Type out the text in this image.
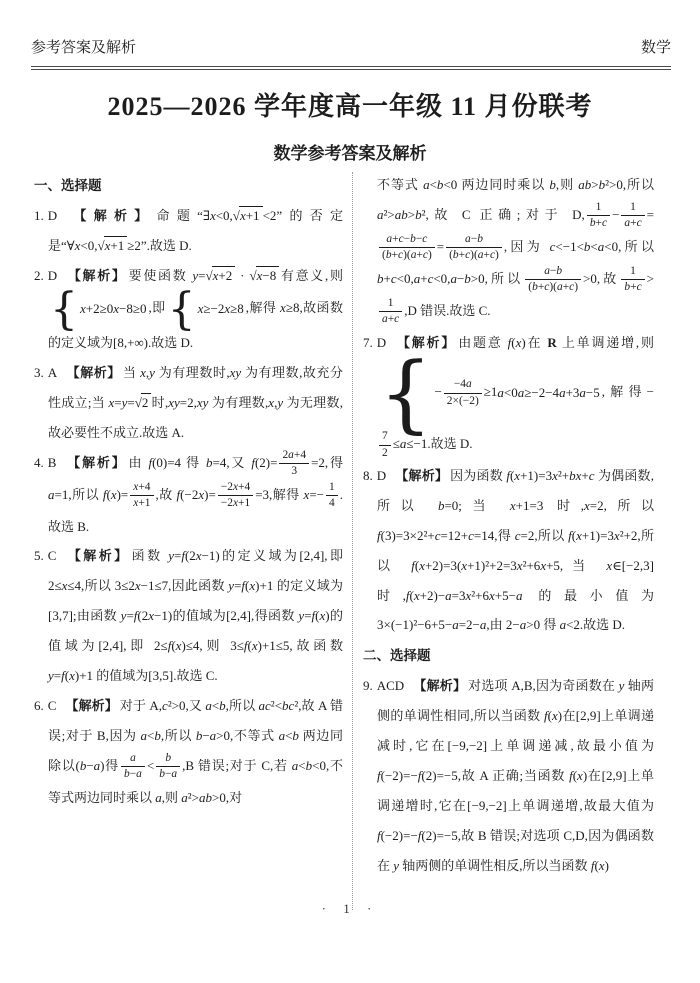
参考答案及解析	数学
2025—2026 学年度高一年级 11 月份联考
数学参考答案及解析
一、选择题
1. D 【解析】 命题“∃x<0,√x+1 <2”的否定是“∀x<0,√x+1 ≥2”.故选 D.
2. D 【解析】 要使函数 y=√x+2 · √x−8 有意义,则
{ x+2≥0 x−8≥0 ,即 { x≥−2 x≥8 ,解得 x≥8,故函数的定义域为[8,+∞).故选 D.
3. A 【解析】 当 x,y 为有理数时,xy 为有理数,故充分性成立;当 x=y=√2 时,xy=2,xy 为有理数,x,y 为无理数,故必要性不成立.故选 A.
4. B 【解析】 由 f(0)=4 得 b=4,又 $f(2)= \frac{2a+4}{3} =2$,得 a=1,所以 $f(x)= \frac{x+4}{x+1}$ ,故 $f(-2x)= \frac{-2x+4}{-2x+1} =3$,解得 $x=- \frac{1}{4}$ .故选 B.
5. C 【解析】 函数 y=f(2x−1)的定义域为[2,4],即 2≤x≤4,所以 3≤2x−1≤7,因此函数 y=f(x)+1 的定义域为[3,7];由函数 y=f(2x−1)的值域为[2,4],得函数 y=f(x)的值域为[2,4],即 2≤f(x)≤4,则 3≤f(x)+1≤5,故函数 y=f(x)+1 的值域为[3,5].故选 C.
6. C 【解析】 对于 A,c²>0,又 a<b,所以 ac²<bc²,故 A 错误;对于 B,因为 a<b,所以 b−a>0,不等式 a<b 两边同除以(b−a)得 $\frac{a}{b-a} < \frac{b}{b-a} ,B$ 错误;对于 C,若 a<b<0,不等式两边同时乘以 a,则 a²>ab>0,对
不等式 a<b<0 两边同时乘以 b,则 ab>b²>0,所以 a²>ab>b²,故 C 正确;对于 D, $\frac{1}{b+c} - \frac{1}{a+c}$ =
$\frac{a+c-b-c}{(b+c)(a+c)} = \frac{a-b}{(b+c)(a+c)}$ ,因为 c<−1<b<a<0,所以 b+c<0,a+c<0,a−b>0,所以 $\frac{a-b}{(b+c)(a+c)} >0$,故 $\frac{1}{b+c}$ >
$\frac{1}{a+c} ,D$ 错误.故选 C.
7. D 【解析】 由题意 f(x)在 R 上单调递增,则
{ − $\frac{-4a}{2\times(-2)} \ge 1$ a<0 a≥−2−4a+3a−5 ,解得−
$\frac{7}{2} \le a\le-1$.故选 D.
8. D 【解析】 因为函数 f(x+1)=3x²+bx+c 为偶函数,所以 b=0;当 x+1=3 时,x=2,所以 f(3)=3×2²+c=12+c=14,得 c=2,所以 f(x+1)=3x²+2,所以 f(x+2)=3(x+1)²+2=3x²+6x+5,当 x∈[−2,3]时,f(x+2)−a=3x²+6x+5−a 的最小值为 3×(−1)²−6+5−a=2−a,由 2−a>0 得 a<2.故选 D.
二、选择题
9. ACD 【解析】 对选项 A,B,因为奇函数在 y 轴两侧的单调性相同,所以当函数 f(x)在[2,9]上单调递减时,它在[−9,−2]上单调递减,故最小值为 f(−2)=−f(2)=−5,故 A 正确;当函数 f(x)在[2,9]上单调递增时,它在[−9,−2]上单调递增,故最大值为 f(−2)=−f(2)=−5,故 B 错误;对选项 C,D,因为偶函数在 y 轴两侧的单调性相反,所以当函数 f(x)
· 1 ·
